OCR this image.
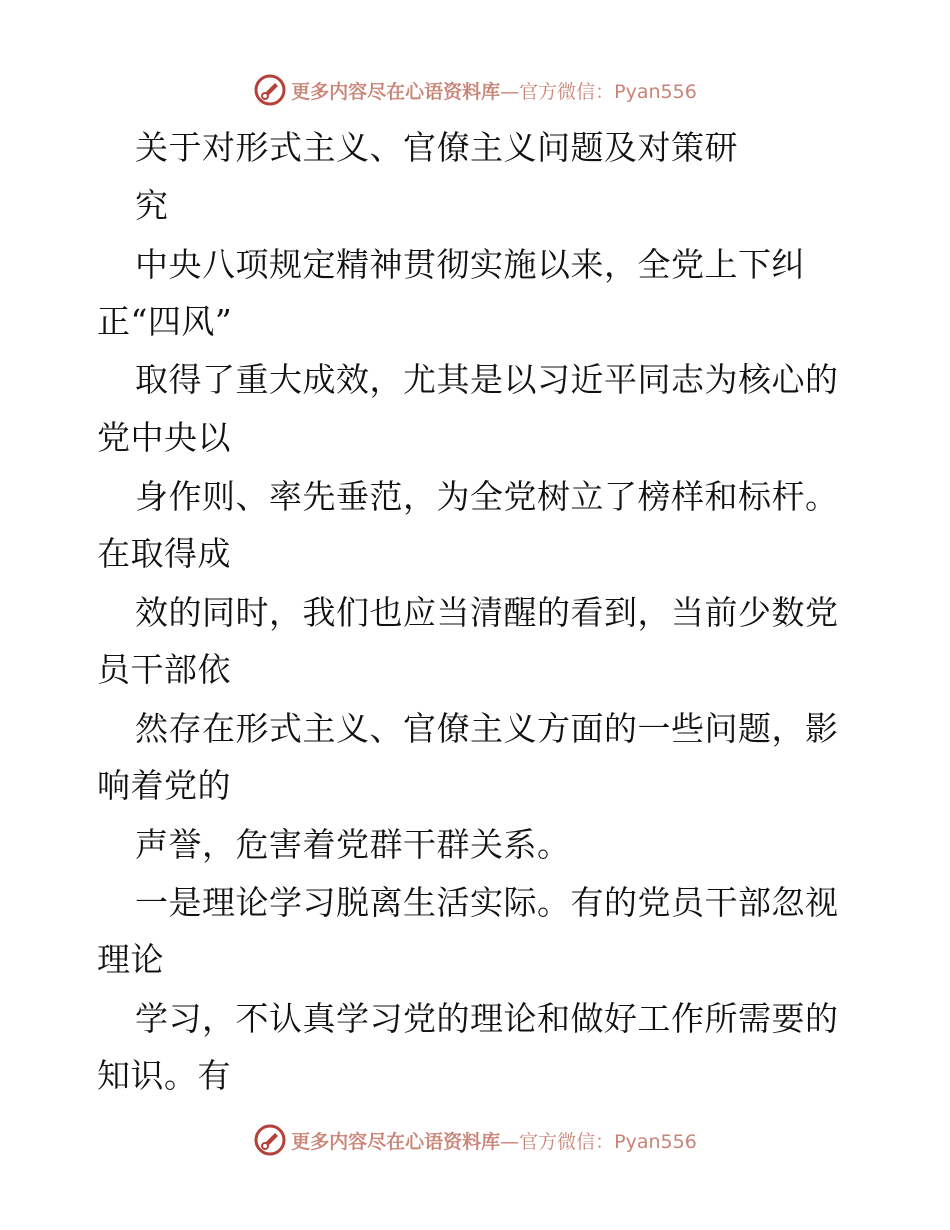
更多内容尽在心语资料库 —官方微信：Pyan556
关于对形式主义、官僚主义问题及对策研
究
中央八项规定精神贯彻实施以来，全党上下纠
正“四风”
取得了重大成效，尤其是以习近平同志为核心的
党中央以
身作则、率先垂范，为全党树立了榜样和标杆。
在取得成
效的同时，我们也应当清醒的看到，当前少数党
员干部依
然存在形式主义、官僚主义方面的一些问题，影
响着党的
声誉，危害着党群干群关系。
一是理论学习脱离生活实际。有的党员干部忽视
理论
学习，不认真学习党的理论和做好工作所需要的
知识。有
更多内容尽在心语资料库 —官方微信：Pyan556
